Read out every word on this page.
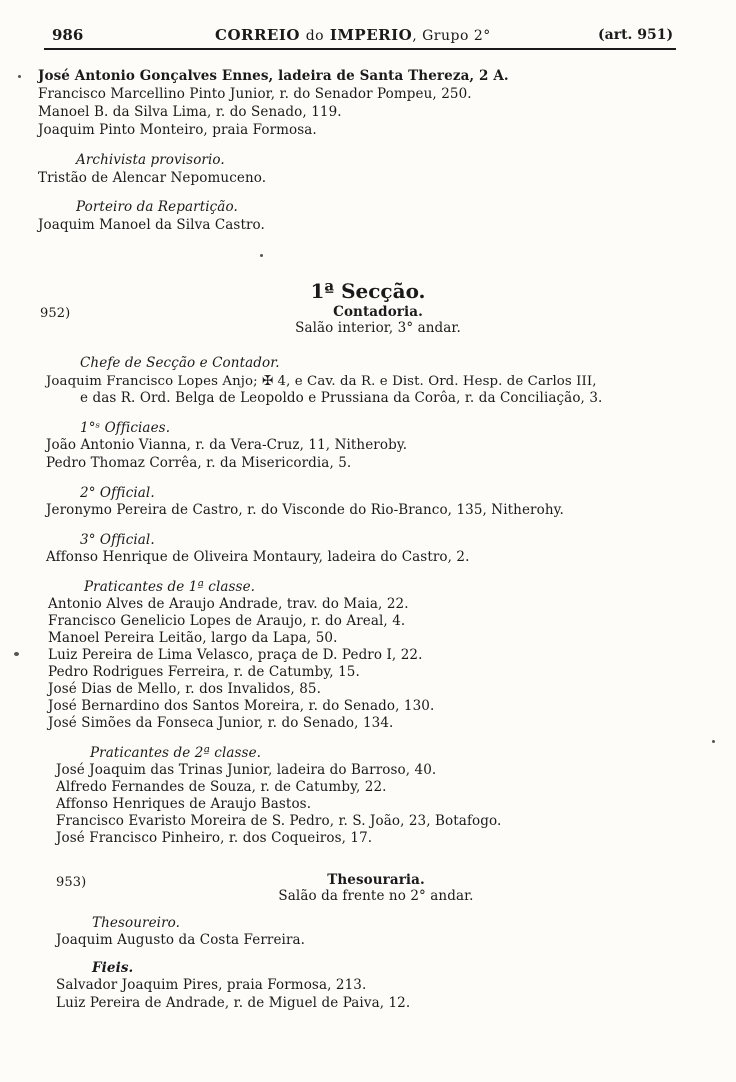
986	CORREIO do IMPERIO, Grupo 2°	(art. 951)
José Antonio Gonçalves Ennes, ladeira de Santa Thereza, 2 A.
Francisco Marcellino Pinto Junior, r. do Senador Pompeu, 250.
Manoel B. da Silva Lima, r. do Senado, 119.
Joaquim Pinto Monteiro, praia Formosa.
Archivista provisorio.
Tristão de Alencar Nepomuceno.
Porteiro da Repartição.
Joaquim Manoel da Silva Castro.
1ª Secção.
952)	Contadoria.
Salão interior, 3° andar.
Chefe de Secção e Contador.
Joaquim Francisco Lopes Anjo; ✠ 4, e Cav. da R. e Dist. Ord. Hesp. de Carlos III,
e das R. Ord. Belga de Leopoldo e Prussiana da Corôa, r. da Conciliação, 3.
1°ˢ Officiaes.
João Antonio Vianna, r. da Vera-Cruz, 11, Nitheroby.
Pedro Thomaz Corrêa, r. da Misericordia, 5.
2° Official.
Jeronymo Pereira de Castro, r. do Visconde do Rio-Branco, 135, Nitherohy.
3° Official.
Affonso Henrique de Oliveira Montaury, ladeira do Castro, 2.
Praticantes de 1ª classe.
Antonio Alves de Araujo Andrade, trav. do Maia, 22.
Francisco Genelicio Lopes de Araujo, r. do Areal, 4.
Manoel Pereira Leitão, largo da Lapa, 50.
Luiz Pereira de Lima Velasco, praça de D. Pedro I, 22.
Pedro Rodrigues Ferreira, r. de Catumby, 15.
José Dias de Mello, r. dos Invalidos, 85.
José Bernardino dos Santos Moreira, r. do Senado, 130.
José Simões da Fonseca Junior, r. do Senado, 134.
Praticantes de 2ª classe.
José Joaquim das Trinas Junior, ladeira do Barroso, 40.
Alfredo Fernandes de Souza, r. de Catumby, 22.
Affonso Henriques de Araujo Bastos.
Francisco Evaristo Moreira de S. Pedro, r. S. João, 23, Botafogo.
José Francisco Pinheiro, r. dos Coqueiros, 17.
953)	Thesouraria.
Salão da frente no 2° andar.
Thesoureiro.
Joaquim Augusto da Costa Ferreira.
Fieis.
Salvador Joaquim Pires, praia Formosa, 213.
Luiz Pereira de Andrade, r. de Miguel de Paiva, 12.
